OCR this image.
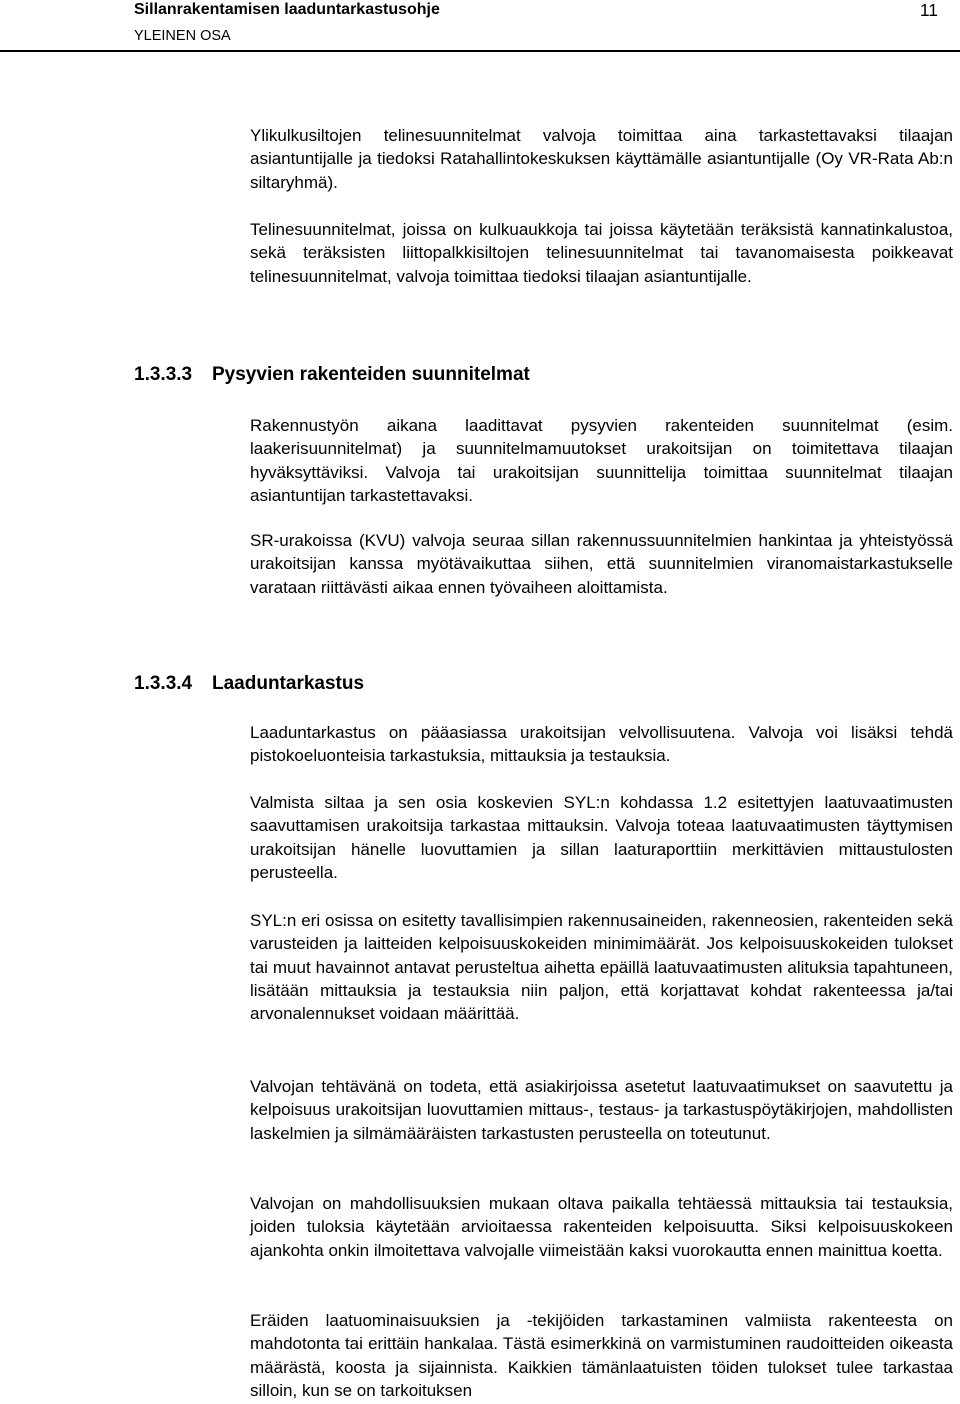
Sillanrakentamisen laaduntarkastusohje
YLEINEN OSA
11

Ylikulkusiltojen telinesuunnitelmat valvoja toimittaa aina tarkastettavaksi tilaajan asiantuntijalle ja tiedoksi Ratahallintokeskuksen käyttämälle asiantuntijalle (Oy VR-Rata Ab:n siltaryhmä).

Telinesuunnitelmat, joissa on kulkuaukkoja tai joissa käytetään teräksistä kannatinkalustoa, sekä teräksisten liittopalkkisiltojen telinesuunnitelmat tai tavanomaisesta poikkeavat telinesuunnitelmat, valvoja toimittaa tiedoksi tilaajan asiantuntijalle.

1.3.3.3 Pysyvien rakenteiden suunnitelmat

Rakennustyön aikana laadittavat pysyvien rakenteiden suunnitelmat (esim. laakerisuunnitelmat) ja suunnitelmamuutokset urakoitsijan on toimitettava tilaajan hyväksyttäviksi. Valvoja tai urakoitsijan suunnittelija toimittaa suunnitelmat tilaajan asiantuntijan tarkastettavaksi.

SR-urakoissa (KVU) valvoja seuraa sillan rakennussuunnitelmien hankintaa ja yhteistyössä urakoitsijan kanssa myötävaikuttaa siihen, että suunnitelmien viranomaistarkastukselle varataan riittävästi aikaa ennen työvaiheen aloittamista.

1.3.3.4 Laaduntarkastus

Laaduntarkastus on pääasiassa urakoitsijan velvollisuutena. Valvoja voi lisäksi tehdä pistokoeluonteisia tarkastuksia, mittauksia ja testauksia.

Valmista siltaa ja sen osia koskevien SYL:n kohdassa 1.2 esitettyjen laatuvaatimusten saavuttamisen urakoitsija tarkastaa mittauksin. Valvoja toteaa laatuvaatimusten täyttymisen urakoitsijan hänelle luovuttamien ja sillan laaturaporttiin merkittävien mittaustulosten perusteella.

SYL:n eri osissa on esitetty tavallisimpien rakennusaineiden, rakenneosien, rakenteiden sekä varusteiden ja laitteiden kelpoisuuskokeiden minimimäärät. Jos kelpoisuuskokeiden tulokset tai muut havainnot antavat perusteltua aihetta epäillä laatuvaatimusten alituksia tapahtuneen, lisätään mittauksia ja testauksia niin paljon, että korjattavat kohdat rakenteessa ja/tai arvonalennukset voidaan määrittää.

Valvojan tehtävänä on todeta, että asiakirjoissa asetetut laatuvaatimukset on saavutettu ja kelpoisuus urakoitsijan luovuttamien mittaus-, testaus- ja tarkastuspöytäkirjojen, mahdollisten laskelmien ja silmämääräisten tarkastusten perusteella on toteutunut.

Valvojan on mahdollisuuksien mukaan oltava paikalla tehtäessä mittauksia tai testauksia, joiden tuloksia käytetään arvioitaessa rakenteiden kelpoisuutta. Siksi kelpoisuuskokeen ajankohta onkin ilmoitettava valvojalle viimeistään kaksi vuorokautta ennen mainittua koetta.

Eräiden laatuominaisuuksien ja -tekijöiden tarkastaminen valmiista rakenteesta on mahdotonta tai erittäin hankalaa. Tästä esimerkkinä on varmistuminen raudoitteiden oikeasta määrästä, koosta ja sijainnista. Kaikkien tämänlaatuisten töiden tulokset tulee tarkastaa silloin, kun se on tarkoituksen
